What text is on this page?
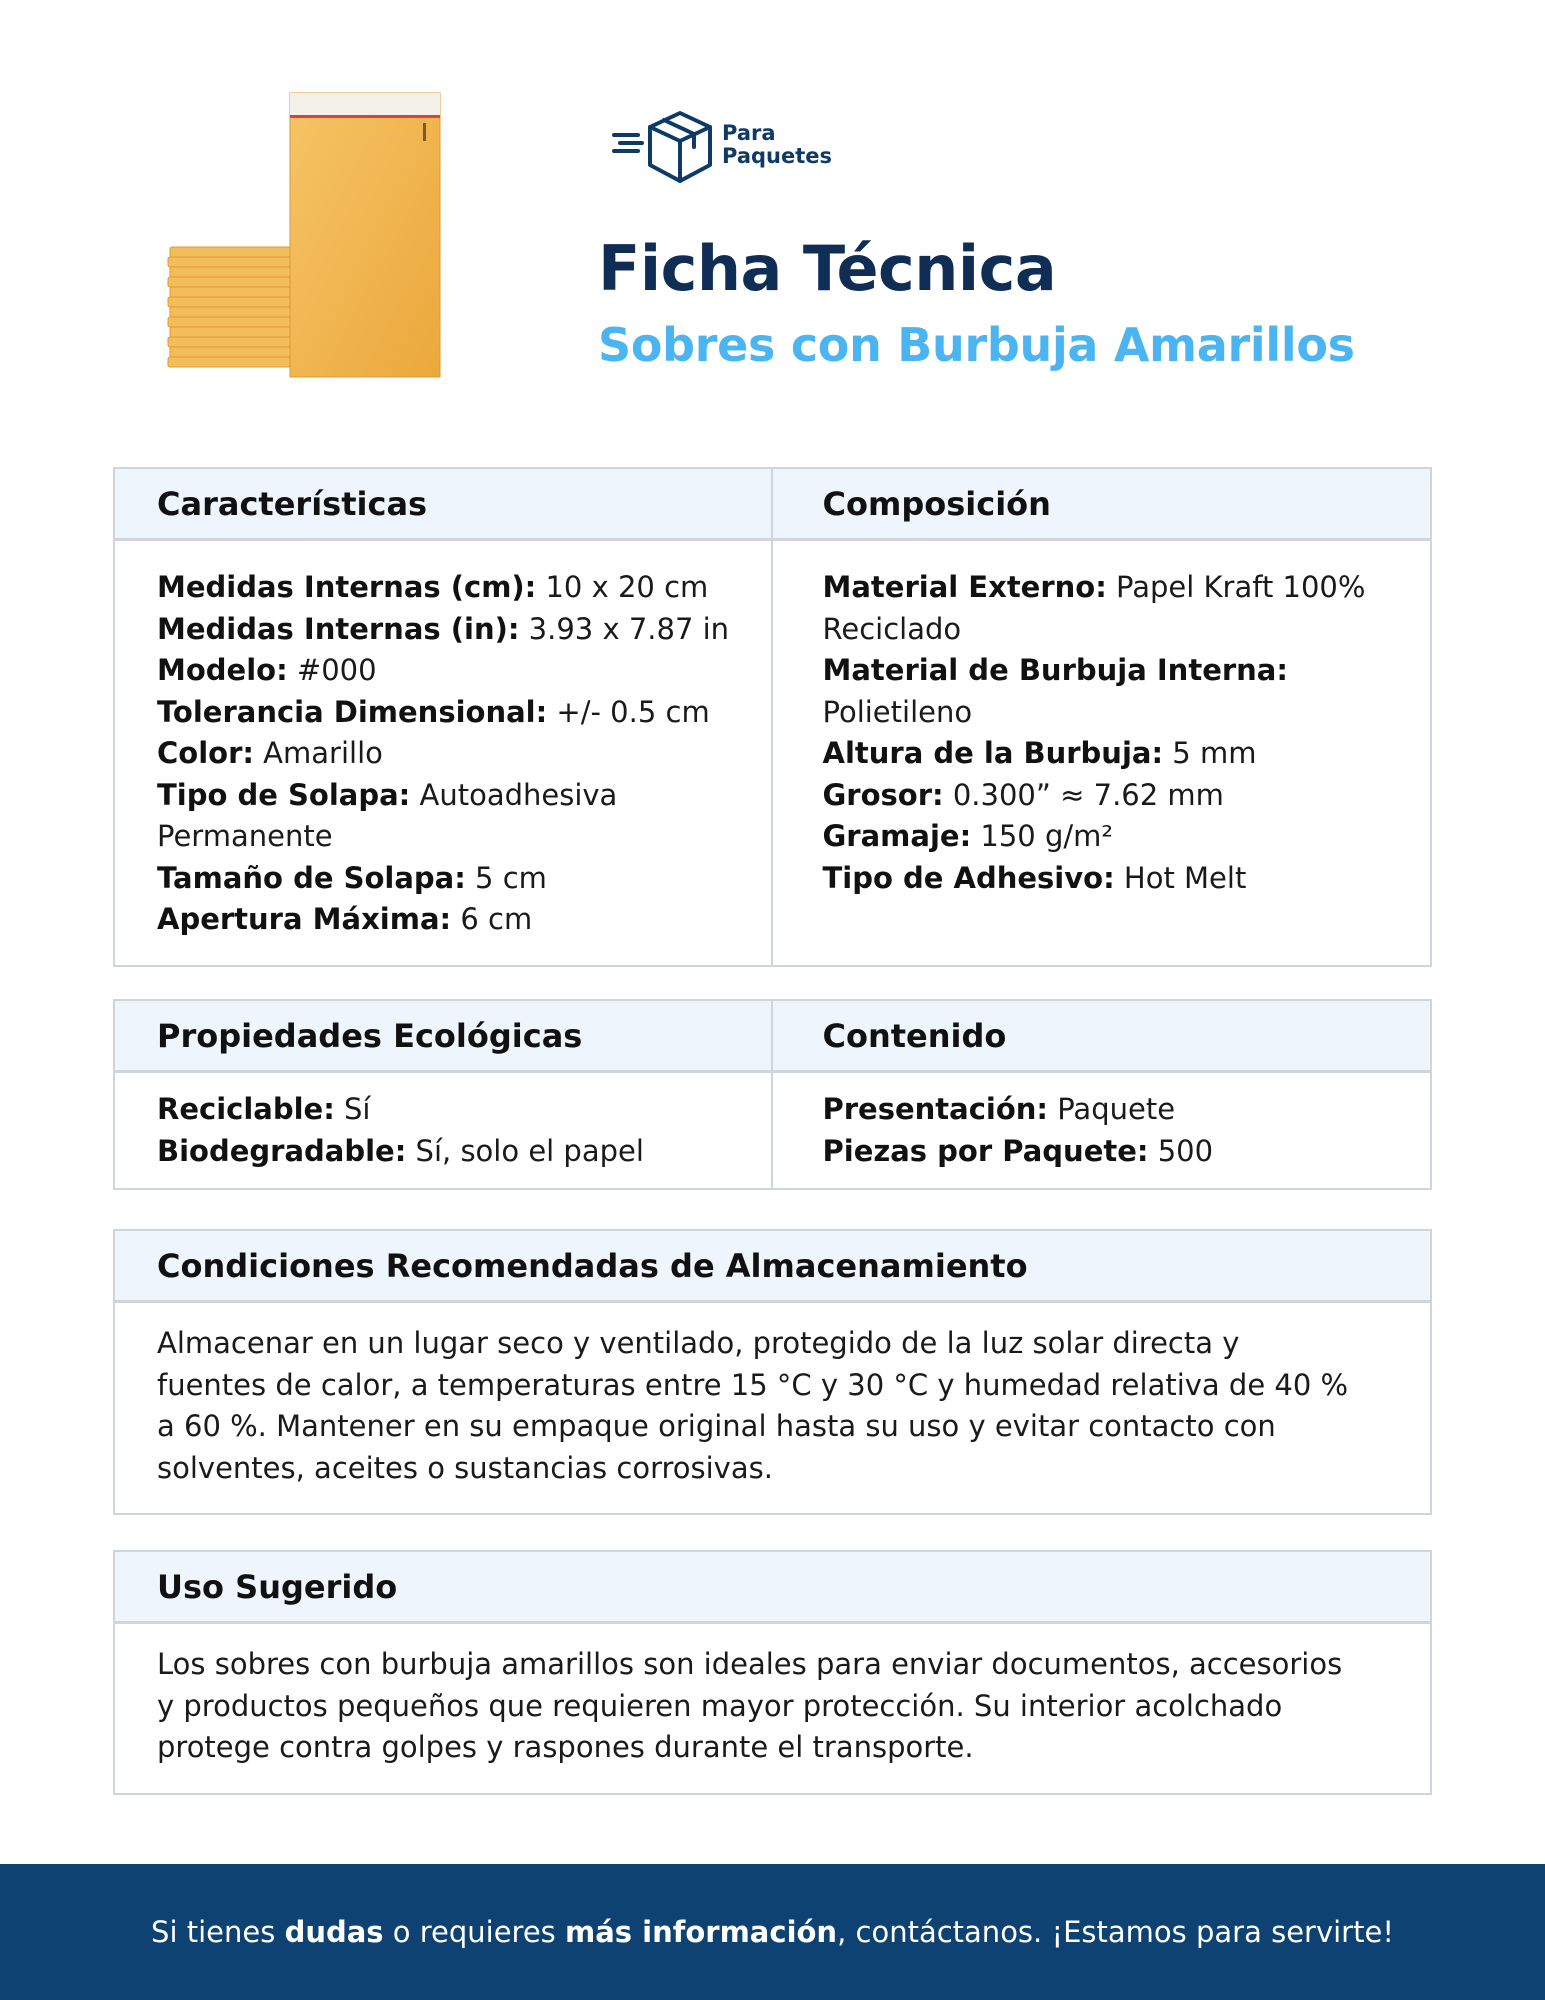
Para
Paquetes
Ficha Técnica
Sobres con Burbuja Amarillos
Características	Composición
Medidas Internas (cm): 10 x 20 cm
Medidas Internas (in): 3.93 x 7.87 in
Modelo: #000
Tolerancia Dimensional: +/- 0.5 cm
Color: Amarillo
Tipo de Solapa: Autoadhesiva
Permanente
Tamaño de Solapa: 5 cm
Apertura Máxima: 6 cm
Material Externo: Papel Kraft 100%
Reciclado
Material de Burbuja Interna:
Polietileno
Altura de la Burbuja: 5 mm
Grosor: 0.300” ≈ 7.62 mm
Gramaje: 150 g/m²
Tipo de Adhesivo: Hot Melt
Propiedades Ecológicas	Contenido
Reciclable: Sí
Biodegradable: Sí, solo el papel
Presentación: Paquete
Piezas por Paquete: 500
Condiciones Recomendadas de Almacenamiento
Almacenar en un lugar seco y ventilado, protegido de la luz solar directa y
fuentes de calor, a temperaturas entre 15 °C y 30 °C y humedad relativa de 40 %
a 60 %. Mantener en su empaque original hasta su uso y evitar contacto con
solventes, aceites o sustancias corrosivas.
Uso Sugerido
Los sobres con burbuja amarillos son ideales para enviar documentos, accesorios
y productos pequeños que requieren mayor protección. Su interior acolchado
protege contra golpes y raspones durante el transporte.

Si tienes dudas o requieres más información, contáctanos. ¡Estamos para servirte!
